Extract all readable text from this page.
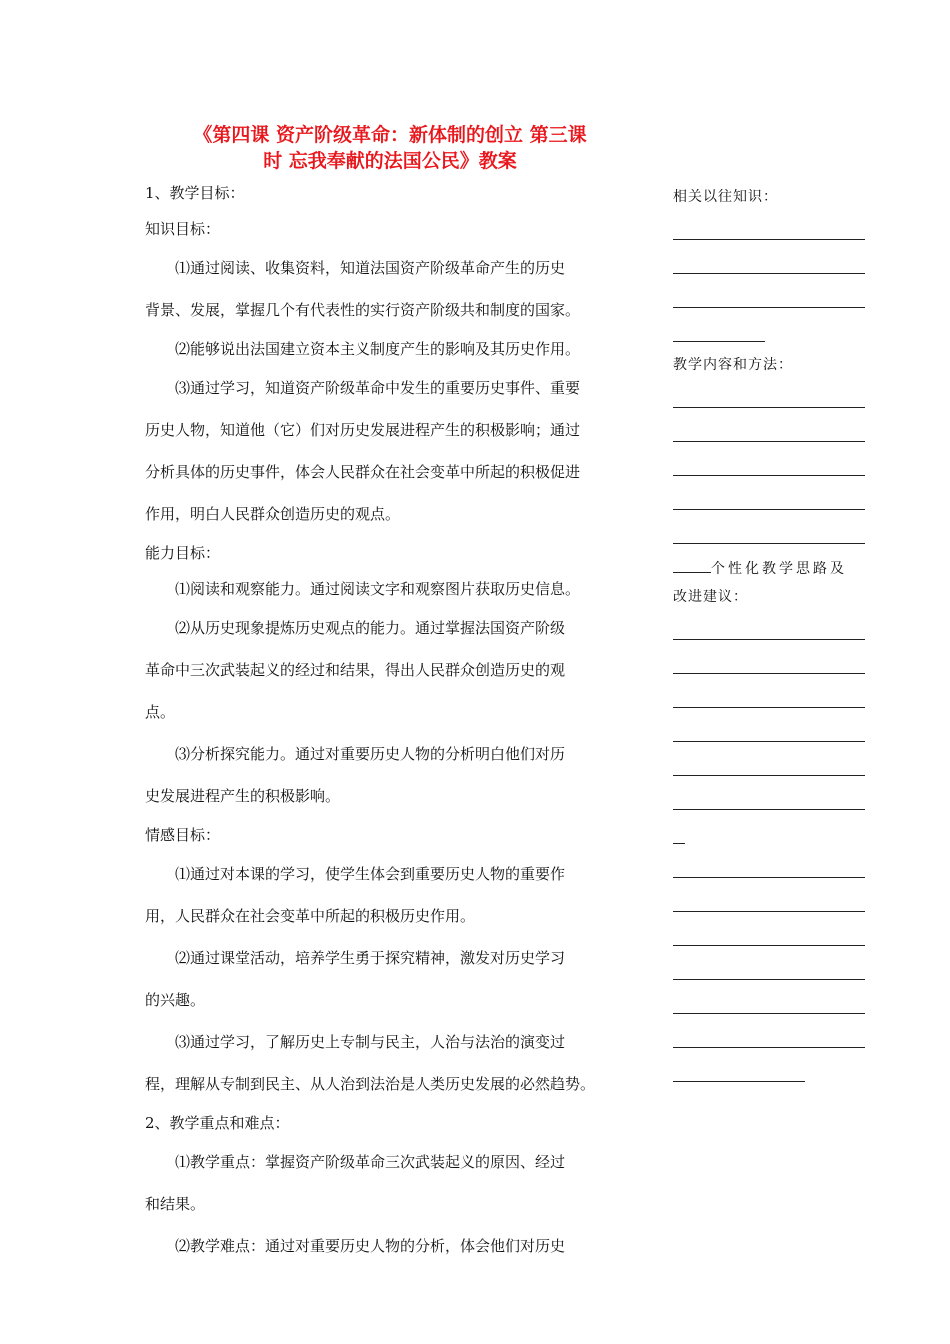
《第四课 资产阶级革命：新体制的创立 第三课
时 忘我奉献的法国公民》教案
1、教学目标：
知识目标：
⑴通过阅读、收集资料，知道法国资产阶级革命产生的历史
背景、发展，掌握几个有代表性的实行资产阶级共和制度的国家。
⑵能够说出法国建立资本主义制度产生的影响及其历史作用。
⑶通过学习，知道资产阶级革命中发生的重要历史事件、重要
历史人物，知道他（它）们对历史发展进程产生的积极影响；通过
分析具体的历史事件，体会人民群众在社会变革中所起的积极促进
作用，明白人民群众创造历史的观点。
能力目标：
⑴阅读和观察能力。通过阅读文字和观察图片获取历史信息。
⑵从历史现象提炼历史观点的能力。通过掌握法国资产阶级
革命中三次武装起义的经过和结果，得出人民群众创造历史的观
点。
⑶分析探究能力。通过对重要历史人物的分析明白他们对历
史发展进程产生的积极影响。
情感目标：
⑴通过对本课的学习，使学生体会到重要历史人物的重要作
用，人民群众在社会变革中所起的积极历史作用。
⑵通过课堂活动，培养学生勇于探究精神，激发对历史学习
的兴趣。
⑶通过学习，了解历史上专制与民主，人治与法治的演变过
程，理解从专制到民主、从人治到法治是人类历史发展的必然趋势。
2、教学重点和难点：
⑴教学重点：掌握资产阶级革命三次武装起义的原因、经过
和结果。
⑵教学难点：通过对重要历史人物的分析，体会他们对历史
相关以往知识：
教学内容和方法：
个性化教学思路及
改进建议：
